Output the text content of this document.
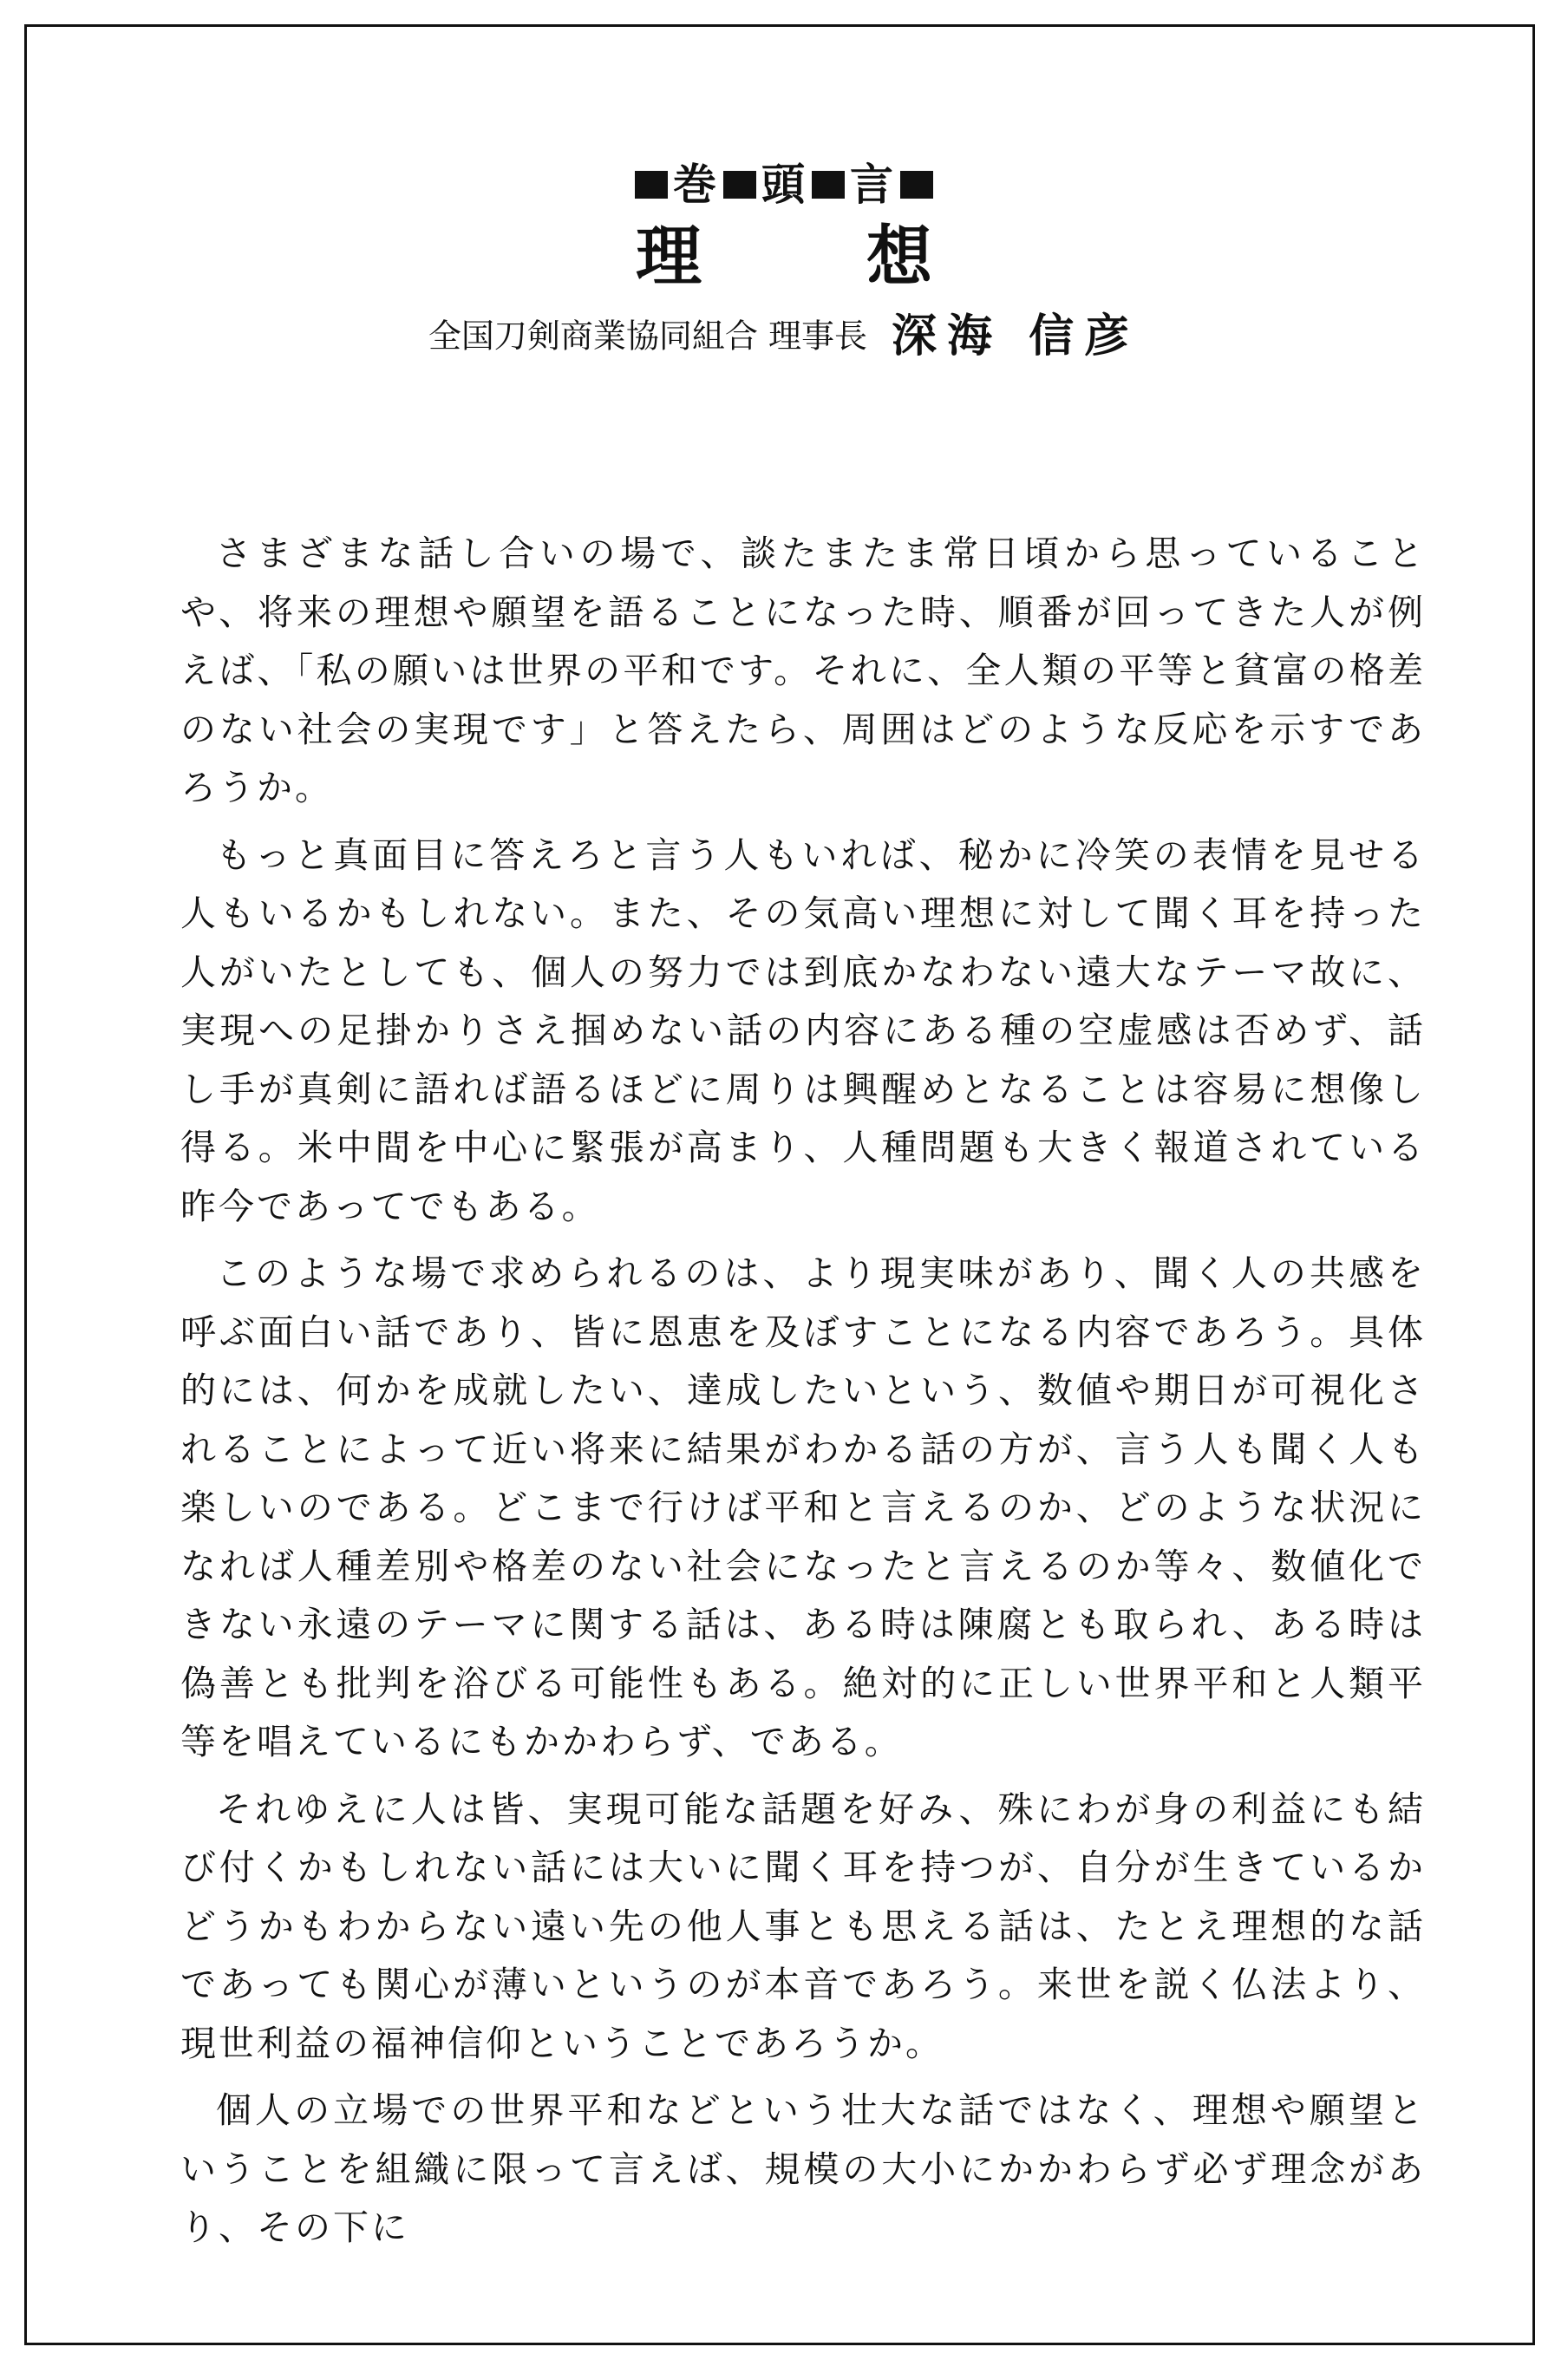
巻 頭 言
理	想
全国刀剣商業協同組合 理事長 深海 信彦

さまざまな話し合いの場で、談たまたま常日頃から思っていることや、将来の理想や願望を語ることになった時、順番が回ってきた人が例えば、「私の願いは世界の平和です。それに、全人類の平等と貧富の格差のない社会の実現です」と答えたら、周囲はどのような反応を示すであろうか。

もっと真面目に答えろと言う人もいれば、秘かに冷笑の表情を見せる人もいるかもしれない。また、その気高い理想に対して聞く耳を持った人がいたとしても、個人の努力では到底かなわない遠大なテーマ故に、実現への足掛かりさえ掴めない話の内容にある種の空虚感は否めず、話し手が真剣に語れば語るほどに周りは興醒めとなることは容易に想像し得る。米中間を中心に緊張が高まり、人種問題も大きく報道されている昨今であってでもある。

このような場で求められるのは、より現実味があり、聞く人の共感を呼ぶ面白い話であり、皆に恩恵を及ぼすことになる内容であろう。具体的には、何かを成就したい、達成したいという、数値や期日が可視化されることによって近い将来に結果がわかる話の方が、言う人も聞く人も楽しいのである。どこまで行けば平和と言えるのか、どのような状況になれば人種差別や格差のない社会になったと言えるのか等々、数値化できない永遠のテーマに関する話は、ある時は陳腐とも取られ、ある時は偽善とも批判を浴びる可能性もある。絶対的に正しい世界平和と人類平等を唱えているにもかかわらず、である。

それゆえに人は皆、実現可能な話題を好み、殊にわが身の利益にも結び付くかもしれない話には大いに聞く耳を持つが、自分が生きているかどうかもわからない遠い先の他人事とも思える話は、たとえ理想的な話であっても関心が薄いというのが本音であろう。来世を説く仏法より、現世利益の福神信仰ということであろうか。

個人の立場での世界平和などという壮大な話ではなく、理想や願望ということを組織に限って言えば、規模の大小にかかわらず必ず理念があり、その下に
